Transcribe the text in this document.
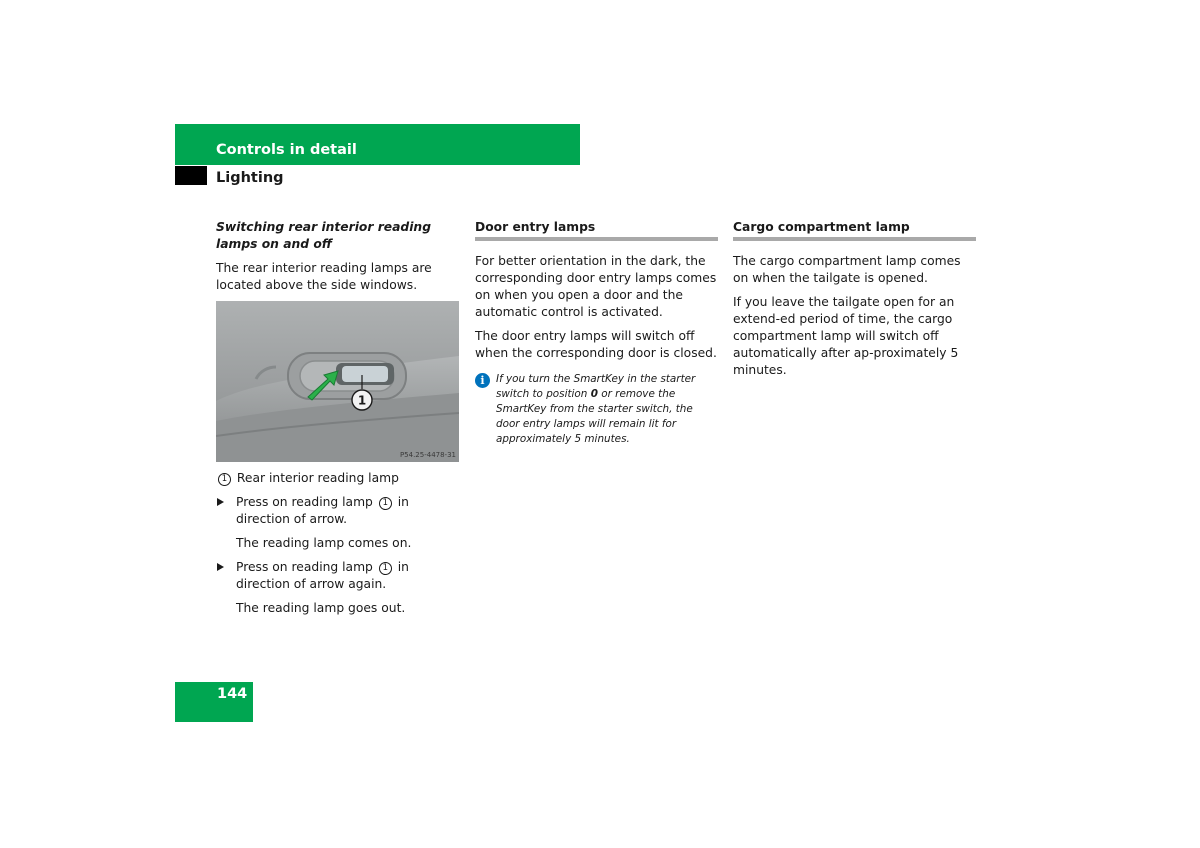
Controls in detail
Lighting

Switching rear interior reading lamps on and off

The rear interior reading lamps are located above the side windows.

1
P54.25-4478-31

1 Rear interior reading lamp

Press on reading lamp 1 in direction of arrow.

The reading lamp comes on.

Press on reading lamp 1 in direction of arrow again.

The reading lamp goes out.

Door entry lamps

For better orientation in the dark, the corresponding door entry lamps comes on when you open a door and the automatic control is activated.

The door entry lamps will switch off when the corresponding door is closed.

i	If you turn the SmartKey in the starter switch to position 0 or remove the SmartKey from the starter switch, the door entry lamps will remain lit for approximately 5 minutes.

Cargo compartment lamp

The cargo compartment lamp comes on when the tailgate is opened.

If you leave the tailgate open for an extend-ed period of time, the cargo compartment lamp will switch off automatically after ap-proximately 5 minutes.

144
